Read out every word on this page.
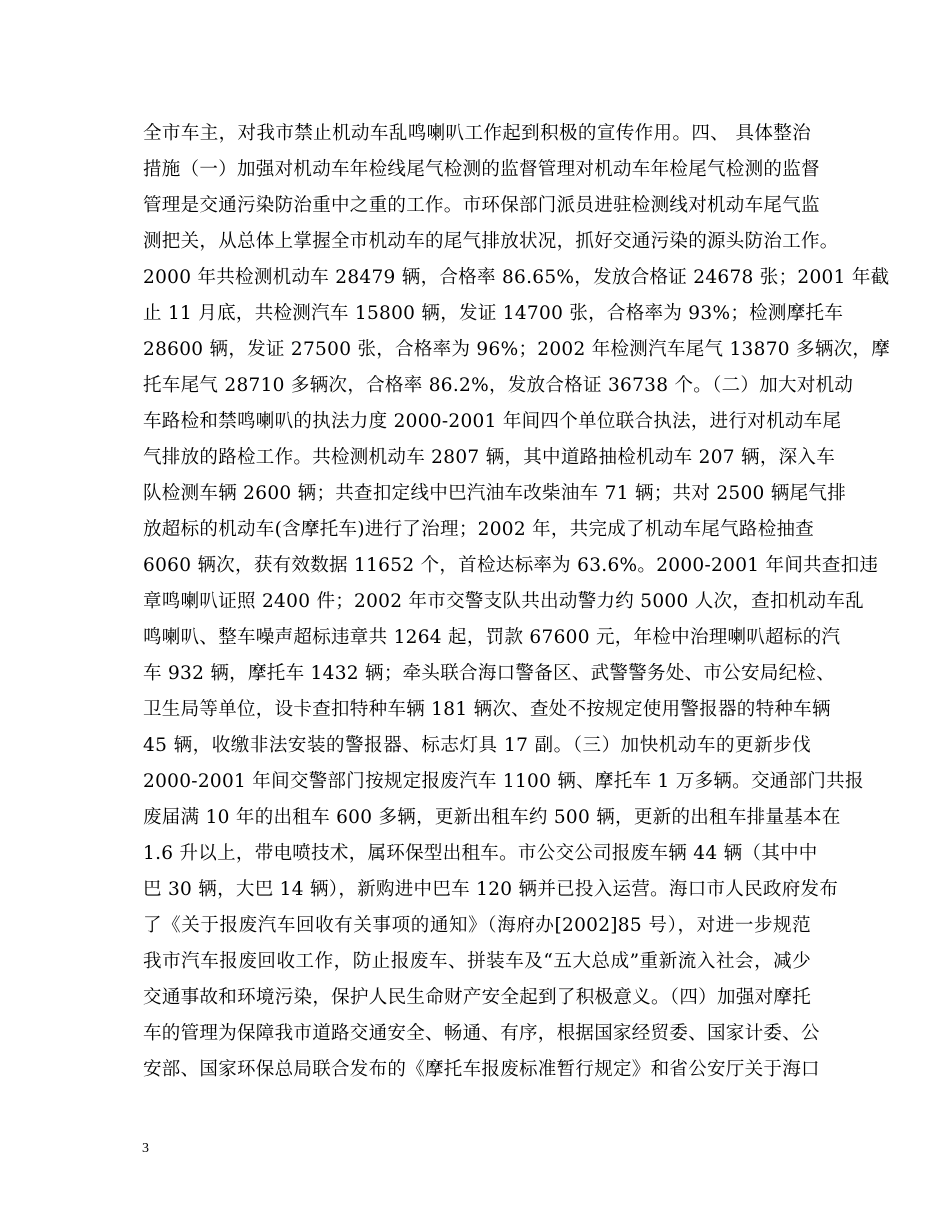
全市车主，对我市禁止机动车乱鸣喇叭工作起到积极的宣传作用。四、 具体整治
措施（一）加强对机动车年检线尾气检测的监督管理对机动车年检尾气检测的监督
管理是交通污染防治重中之重的工作。市环保部门派员进驻检测线对机动车尾气监
测把关，从总体上掌握全市机动车的尾气排放状况，抓好交通污染的源头防治工作。
2000 年共检测机动车 28479 辆，合格率 86.65%，发放合格证 24678 张；2001 年截
止 11 月底，共检测汽车 15800 辆，发证 14700 张，合格率为 93%；检测摩托车
28600 辆，发证 27500 张，合格率为 96%；2002 年检测汽车尾气 13870 多辆次，摩
托车尾气 28710 多辆次，合格率 86.2%，发放合格证 36738 个。（二）加大对机动
车路检和禁鸣喇叭的执法力度 2000-2001 年间四个单位联合执法，进行对机动车尾
气排放的路检工作。共检测机动车 2807 辆，其中道路抽检机动车 207 辆，深入车
队检测车辆 2600 辆；共查扣定线中巴汽油车改柴油车 71 辆；共对 2500 辆尾气排
放超标的机动车(含摩托车)进行了治理；2002 年，共完成了机动车尾气路检抽查
6060 辆次，获有效数据 11652 个，首检达标率为 63.6%。2000-2001 年间共查扣违
章鸣喇叭证照 2400 件；2002 年市交警支队共出动警力约 5000 人次，查扣机动车乱
鸣喇叭、整车噪声超标违章共 1264 起，罚款 67600 元，年检中治理喇叭超标的汽
车 932 辆，摩托车 1432 辆；牵头联合海口警备区、武警警务处、市公安局纪检、
卫生局等单位，设卡查扣特种车辆 181 辆次、查处不按规定使用警报器的特种车辆
45 辆，收缴非法安装的警报器、标志灯具 17 副。（三）加快机动车的更新步伐
2000-2001 年间交警部门按规定报废汽车 1100 辆、摩托车 1 万多辆。交通部门共报
废届满 10 年的出租车 600 多辆，更新出租车约 500 辆，更新的出租车排量基本在
1.6 升以上，带电喷技术，属环保型出租车。市公交公司报废车辆 44 辆（其中中
巴 30 辆，大巴 14 辆），新购进中巴车 120 辆并已投入运营。海口市人民政府发布
了《关于报废汽车回收有关事项的通知》（海府办[2002]85 号），对进一步规范
我市汽车报废回收工作，防止报废车、拼装车及“五大总成”重新流入社会，减少
交通事故和环境污染，保护人民生命财产安全起到了积极意义。（四）加强对摩托
车的管理为保障我市道路交通安全、畅通、有序，根据国家经贸委、国家计委、公
安部、国家环保总局联合发布的《摩托车报废标准暂行规定》和省公安厅关于海口
3
